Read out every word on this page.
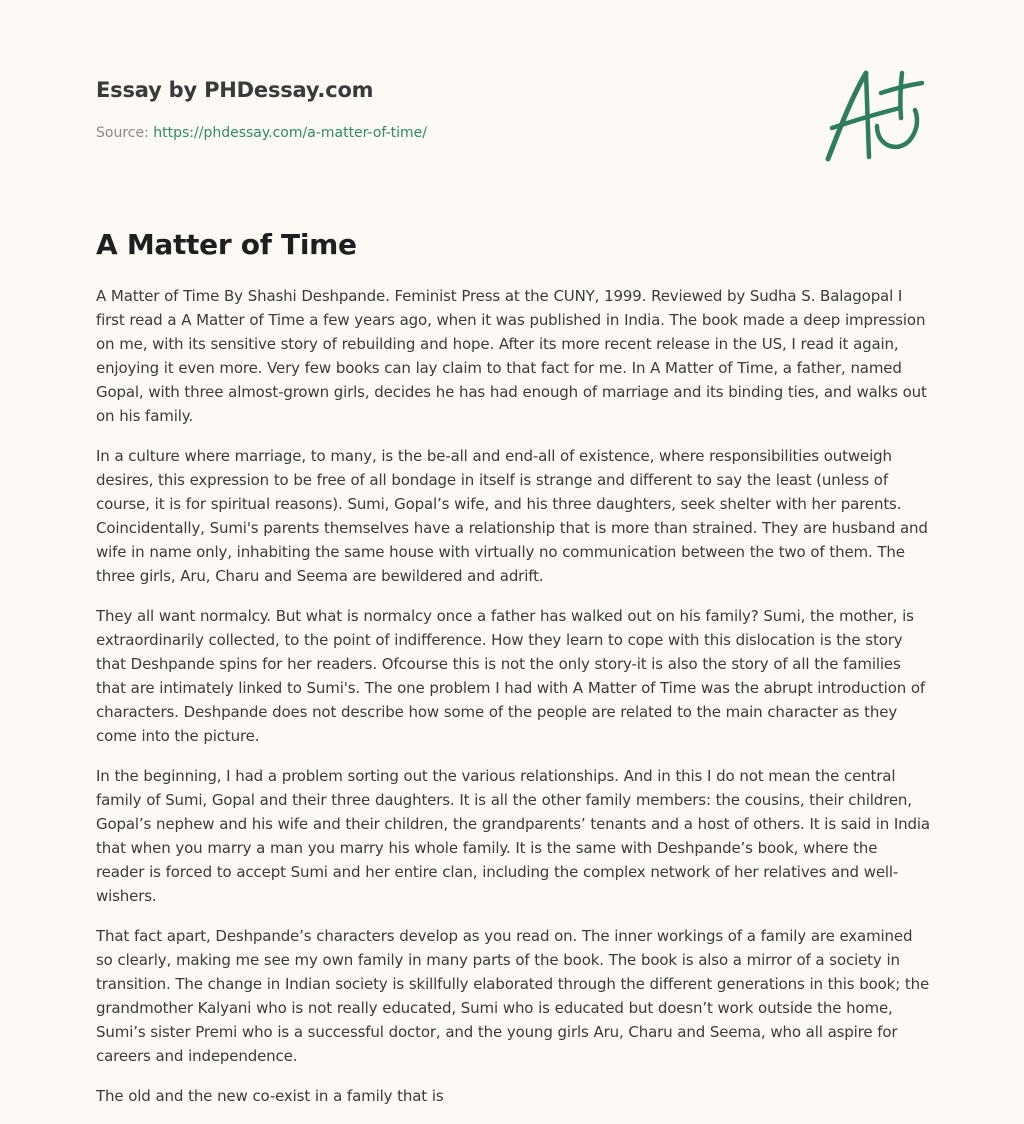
Essay by PHDessay.com
Source: https://phdessay.com/a-matter-of-time/
A Matter of Time

A Matter of Time By Shashi Deshpande. Feminist Press at the CUNY, 1999. Reviewed by Sudha S. Balagopal I first read a A Matter of Time a few years ago, when it was published in India. The book made a deep impression on me, with its sensitive story of rebuilding and hope. After its more recent release in the US, I read it again, enjoying it even more. Very few books can lay claim to that fact for me. In A Matter of Time, a father, named Gopal, with three almost-grown girls, decides he has had enough of marriage and its binding ties, and walks out on his family.

In a culture where marriage, to many, is the be-all and end-all of existence, where responsibilities outweigh desires, this expression to be free of all bondage in itself is strange and different to say the least (unless of course, it is for spiritual reasons). Sumi, Gopal’s wife, and his three daughters, seek shelter with her parents. Coincidentally, Sumi's parents themselves have a relationship that is more than strained. They are husband and wife in name only, inhabiting the same house with virtually no communication between the two of them. The three girls, Aru, Charu and Seema are bewildered and adrift.

They all want normalcy. But what is normalcy once a father has walked out on his family? Sumi, the mother, is extraordinarily collected, to the point of indifference. How they learn to cope with this dislocation is the story that Deshpande spins for her readers. Ofcourse this is not the only story-it is also the story of all the families that are intimately linked to Sumi's. The one problem I had with A Matter of Time was the abrupt introduction of characters. Deshpande does not describe how some of the people are related to the main character as they come into the picture.

In the beginning, I had a problem sorting out the various relationships. And in this I do not mean the central family of Sumi, Gopal and their three daughters. It is all the other family members: the cousins, their children, Gopal’s nephew and his wife and their children, the grandparents’ tenants and a host of others. It is said in India that when you marry a man you marry his whole family. It is the same with Deshpande’s book, where the reader is forced to accept Sumi and her entire clan, including the complex network of her relatives and well-wishers.

That fact apart, Deshpande’s characters develop as you read on. The inner workings of a family are examined so clearly, making me see my own family in many parts of the book. The book is also a mirror of a society in transition. The change in Indian society is skillfully elaborated through the different generations in this book; the grandmother Kalyani who is not really educated, Sumi who is educated but doesn’t work outside the home, Sumi’s sister Premi who is a successful doctor, and the young girls Aru, Charu and Seema, who all aspire for careers and independence.

The old and the new co-exist in a family that is
